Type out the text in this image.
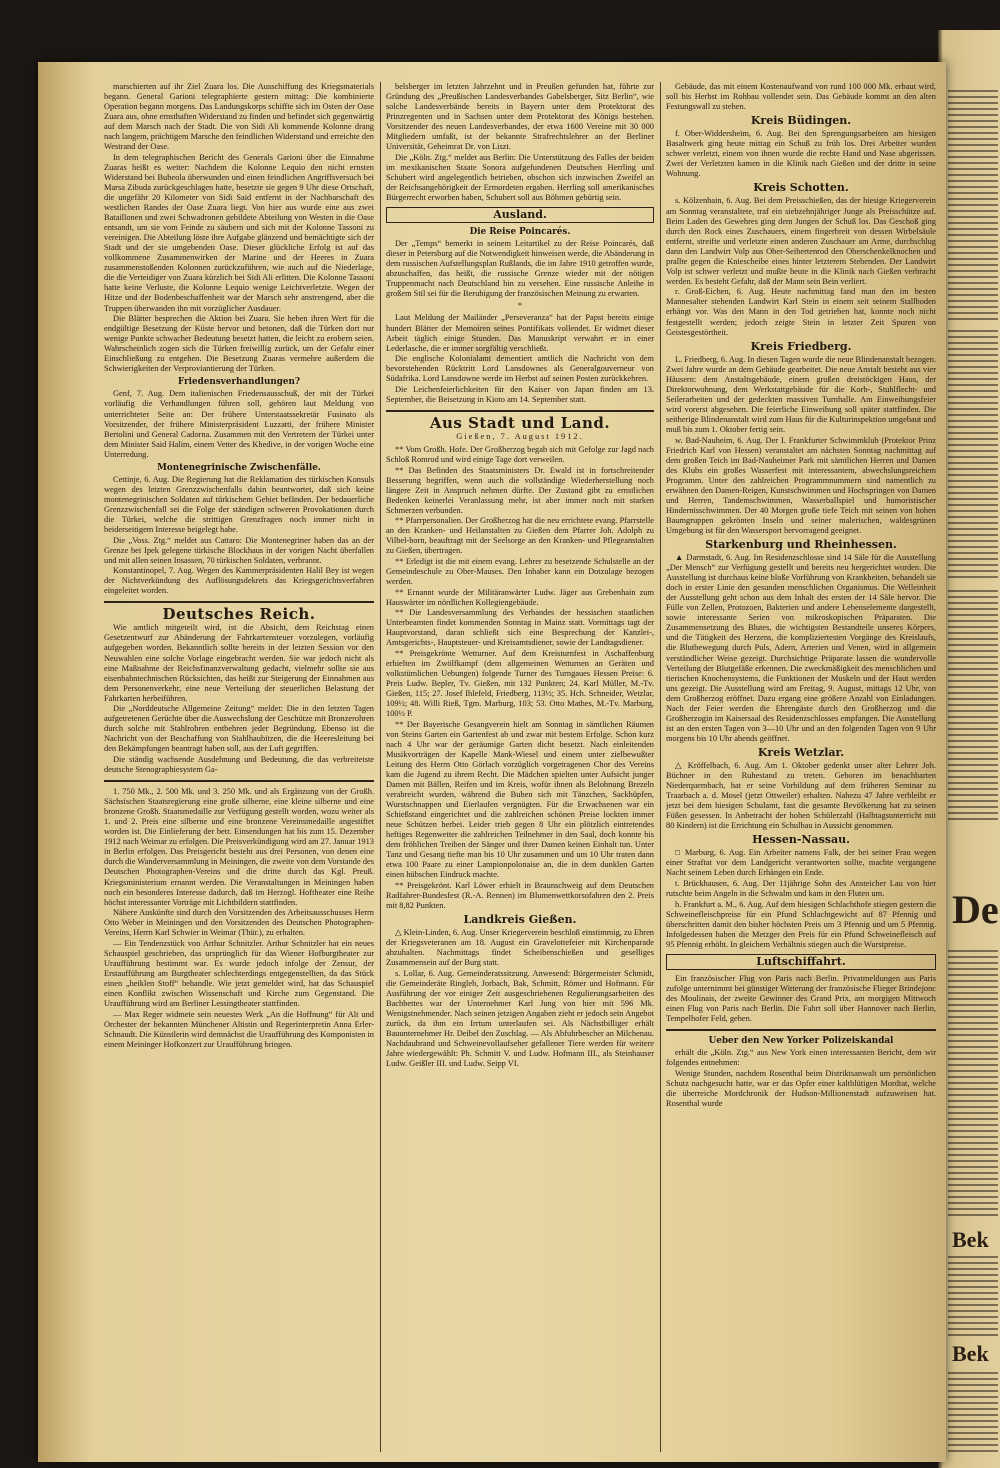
De
Bek
Bek

marschierten auf ihr Ziel Zuara los. Die Ausschiffung des Kriegsmaterials begann. General Garioni telegraphierte gestern mittag: Die kombinierte Operation begann morgens. Das Landungskorps schiffte sich im Osten der Oase Zuara aus, ohne ernsthaften Widerstand zu finden und befindet sich gegenwärtig auf dem Marsch nach der Stadt. Die von Sidi Ali kommende Kolonne drang nach langem, prächtigem Marsche den feindlichen Widerstand und erreichte den Westrand der Oase.

In dem telegraphischen Bericht des Generals Garioni über die Einnahme Zuaras heißt es weiter: Nachdem die Kolonne Lequio den nicht ernsten Widerstand bei Bubeola überwunden und einen feindlichen Angriffsversuch bei Marsa Zibuda zurückgeschlagen hatte, besetzte sie gegen 9 Uhr diese Ortschaft, die ungefähr 20 Kilometer von Sidi Said entfernt in der Nachbarschaft des westlichen Randes der Oase Zuara liegt. Von hier aus wurde eine aus zwei Bataillonen und zwei Schwadronen gebildete Abteilung von Westen in die Oase entsandt, um sie vom Feinde zu säubern und sich mit der Kolonne Tassoni zu vereinigen. Die Abteilung löste ihre Aufgabe glänzend und bemächtigte sich der Stadt und der sie umgebenden Oase. Dieser glückliche Erfolg ist auf das vollkommene Zusammenwirken der Marine und der Heeres in Zuara zusammenstoßenden Kolonnen zurückzuführen, wie auch auf die Niederlage, die die Verteidiger von Zuara kürzlich bei Sidi Ali erlitten. Die Kolonne Tassoni hatte keine Verluste, die Kolonne Lequio wenige Leichtverletzte. Wegen der Hitze und der Bodenbeschaffenheit war der Marsch sehr anstrengend, aber die Truppen überwanden ihn mit vorzüglicher Ausdauer.

Die Blätter besprechen die Aktion bei Zuara. Sie heben ihren Wert für die endgültige Besetzung der Küste hervor und betonen, daß die Türken dort nur wenige Punkte schwacher Bedeutung besetzt hatten, die leicht zu erobern seien. Wahrscheinlich zogen sich die Türken freiwillig zurück, um der Gefahr einer Einschließung zu entgehen. Die Besetzung Zuaras vermehre außerdem die Schwierigkeiten der Verproviantierung der Türken.

Friedensverhandlungen?

Genf, 7. Aug. Dem italienischen Friedensausschuß, der mit der Türkei vorläufig die Verhandlungen führen soll, gehören laut Meldung von unterrichteter Seite an: Der frühere Unterstaatssekretär Fusinato als Vorsitzender, der frühere Ministerpräsident Luzzatti, der frühere Minister Bertolini und General Cadorna. Zusammen mit den Vertretern der Türkei unter dem Minister Said Halim, einem Vetter des Khedive, in der vorigen Woche eine Unterredung.

Montenegrinische Zwischenfälle.

Cettinje, 6. Aug. Die Regierung hat die Reklamation des türkischen Konsuls wegen des letzten Grenzzwischenfalls dahin beantwortet, daß sich keine montenegrinischen Soldaten auf türkischem Gebiet befänden. Der bedauerliche Grenzzwischenfall sei die Folge der ständigen schweren Provokationen durch die Türkei, welche die strittigen Grenzfragen noch immer nicht in beiderseitigem Interesse beigelegt habe.

Die „Voss. Ztg.“ meldet aus Cattaro: Die Montenegriner haben das an der Grenze bei Ipek gelegene türkische Blockhaus in der vorigen Nacht überfallen und mit allen seinen Insassen, 70 türkischen Soldaten, verbrannt.

Konstantinopel, 7. Aug. Wegen des Kammerpräsidenten Halil Bey ist wegen der Nichtverkündung des Auflösungsdekrets das Kriegsgerichtsverfahren eingeleitet worden.

Deutsches Reich.

Wie amtlich mitgeteilt wird, ist die Absicht, dem Reichstag einen Gesetzentwurf zur Abänderung der Fahrkartensteuer vorzulegen, vorläufig aufgegeben worden. Bekanntlich sollte bereits in der letzten Session vor den Neuwahlen eine solche Vorlage eingebracht werden. Sie war jedoch nicht als eine Maßnahme der Reichsfinanzverwaltung gedacht, vielmehr sollte sie aus eisenbahntechnischen Rücksichten, das heißt zur Steigerung der Einnahmen aus dem Personenverkehr, eine neue Verteilung der steuerlichen Belastung der Fahrkarten herbeiführen.

Die „Norddeutsche Allgemeine Zeitung“ meldet: Die in den letzten Tagen aufgetretenen Gerüchte über die Auswechslung der Geschütze mit Bronzerohren durch solche mit Stahlrohren entbehren jeder Begründung. Ebenso ist die Nachricht von der Beschaffung von Stahlhaubitzen, die die Heeresleitung bei den Bekämpfungen beantragt haben soll, aus der Luft gegriffen.

Die ständig wachsende Ausdehnung und Bedeutung, die das verbreitetste deutsche Stenographiesystem Ga-

1. 750 Mk., 2. 500 Mk. und 3. 250 Mk. und als Ergänzung von der Großh. Sächsischen Staatsregierung eine große silberne, eine kleine silberne und eine bronzene Großh. Staatsmedaille zur Verfügung gestellt worden, wozu weiter als 1. und 2. Preis eine silberne und eine bronzene Vereinsmedaille angestiftet worden ist. Die Einlieferung der betr. Einsendungen hat bis zum 15. Dezember 1912 nach Weimar zu erfolgen. Die Preisverkündigung wird am 27. Januar 1913 in Berlin erfolgen. Das Preisgericht besteht aus drei Personen, von denen eine durch die Wanderversammlung in Meiningen, die zweite von dem Vorstande des Deutschen Photographen-Vereins und die dritte durch das Kgl. Preuß. Kriegsministerium ernannt werden. Die Veranstaltungen in Meiningen haben noch ein besonderes Interesse dadurch, daß im Herzogl. Hoftheater eine Reihe höchst interessanter Vorträge mit Lichtbildern stattfinden.

Nähere Auskünfte sind durch den Vorsitzenden des Arbeitsausschusses Herrn Otto Weber in Meiningen und den Vorsitzenden des Deutschen Photographen-Vereins, Herrn Karl Schwier in Weimar (Thür.), zu erhalten.

— Ein Tendenzstück von Arthur Schnitzler. Arthur Schnitzler hat ein neues Schauspiel geschrieben, das ursprünglich für das Wiener Hofburgtheater zur Uraufführung bestimmt war. Es wurde jedoch infolge der Zensur, der Erstaufführung am Burgtheater schlechterdings entgegenstellten, da das Stück einen „heiklen Stoff“ behandle. Wie jetzt gemeldet wird, hat das Schauspiel einen Konflikt zwischen Wissenschaft und Kirche zum Gegenstand. Die Uraufführung wird am Berliner Lessingtheater stattfinden.

— Max Reger widmete sein neuestes Werk „An die Hoffnung“ für Alt und Orchester der bekannten Münchener Altistin und Regerinterpretin Anna Erler-Schnaudt. Die Künstlerin wird demnächst die Uraufführung des Komponisten in einem Meininger Hofkonzert zur Uraufführung bringen.

belsberger im letzten Jahrzehnt und in Preußen gefunden hat, führte zur Gründung des „Preußischen Landesverbandes Gabelsberger, Sitz Berlin“, wie solche Landesverbände bereits in Bayern unter dem Protektorat des Prinzregenten und in Sachsen unter dem Protektorat des Königs bestehen. Vorsitzender des neuen Landesverbandes, der etwa 1600 Vereine mit 30 000 Mitgliedern umfaßt, ist der bekannte Strafrechtslehrer an der Berliner Universität, Geheimrat Dr. von Liszt.

Die „Köln. Ztg.“ meldet aus Berlin: Die Unterstützung des Falles der beiden im mexikanischen Staate Sonora aufgefundenen Deutschen Herrling und Schubert wird angelegentlich betrieben, obschon sich inzwischen Zweifel an der Reichsangehörigkeit der Ermordeten ergaben. Herrling soll amerikanisches Bürgerrecht erworben haben, Schubert soll aus Böhmen gebürtig sein.

Ausland.
Die Reise Poincarés.

Der „Temps“ bemerkt in seinem Leitartikel zu der Reise Poincarés, daß dieser in Petersburg auf die Notwendigkeit hinweisen werde, die Abänderung in dem russischen Aufstellungsplan Rußlands, die im Jahre 1910 getroffen wurde, abzuschaffen, das heißt, die russische Grenze wieder mit der nötigen Truppenmacht nach Deutschland hin zu versehen. Eine russische Anleihe in großem Stil sei für die Beruhigung der französischen Meinung zu erwarten.

*

Laut Meldung der Mailänder „Perseveranza“ hat der Papst bereits einige hundert Blätter der Memoiren seines Pontifikats vollendet. Er widmet dieser Arbeit täglich einige Stunden. Das Manuskript verwahrt er in einer Lederlasche, die er immer sorgfältig verschließt.

Die englische Kolonialamt dementiert amtlich die Nachricht von dem bevorstehenden Rücktritt Lord Lansdownes als Generalgouverneur von Südafrika. Lord Lansdowne werde im Herbst auf seinen Posten zurückkehren.

Die Leichenfeierlichkeiten für den Kaiser von Japan finden am 13. September, die Beisetzung in Kioto am 14. September statt.

Aus Stadt und Land.
Gießen, 7. August 1912.

** Vom Großh. Hofe. Der Großherzog begab sich mit Gefolge zur Jagd nach Schloß Romrod und wird einige Tage dort verweilen.

** Das Befinden des Staatsministers Dr. Ewald ist in fortschreitender Besserung begriffen, wenn auch die vollständige Wiederherstellung noch längere Zeit in Anspruch nehmen dürfte. Der Zustand gibt zu ernstlichen Bedenken keinerlei Veranlassung mehr, ist aber immer noch mit starken Schmerzen verbunden.

** Pfarrpersonalien. Der Großherzog hat die neu errichtete evang. Pfarrstelle an den Kranken- und Heilanstalten zu Gießen dem Pfarrer Joh. Adolph zu Vilbel-born, beauftragt mit der Seelsorge an den Kranken- und Pflegeanstalten zu Gießen, übertragen.

** Erledigt ist die mit einem evang. Lehrer zu besetzende Schulstelle an der Gemeindeschule zu Ober-Mauses. Den Inhaber kann ein Dotzulage bezogen werden.

** Ernannt wurde der Militäranwärter Ludw. Jäger aus Grebenhain zum Hauswärter im nördlichen Kollegiengebäude.

** Die Landesversammlung des Verbandes der hessischen staatlichen Unterbeamten findet kommenden Sonntag in Mainz statt. Vormittags tagt der Hauptvorstand, daran schließt sich eine Besprechung der Kanzlei-, Amtsgerichts-, Hauptsteuer- und Kreisamtsdiener, sowie der Landtagsdiener.

** Preisgekrönte Wetturner. Auf dem Kreisturnfest in Aschaffenburg erhielten im Zwölfkampf (dem allgemeinen Wetturnen an Geräten und volkstümlichen Uebungen) folgende Turner des Turngaues Hessen Preise: 6. Preis Ludw. Bepler, Tv. Gießen, mit 132 Punkten; 24. Karl Müller, M.-Tv. Gießen, 115; 27. Josef Ihlefeld, Friedberg, 113½; 35. Hch. Schneider, Wetzlar, 109½; 48. Willi Rieß, Tgm. Marburg, 103; 53. Otto Mathes, M.-Tv. Marburg, 100½ P.

** Der Bayerische Gesangverein hielt am Sonntag in sämtlichen Räumen von Steins Garten ein Gartenfest ab und zwar mit bestem Erfolge. Schon kurz nach 4 Uhr war der geräumige Garten dicht besetzt. Nach einleitenden Musikvorträgen der Kapelle Mank-Wiesel und einem unter zielbewußter Leitung des Herrn Otto Görlach vorzüglich vorgetragenen Chor des Vereins kam die Jugend zu ihrem Recht. Die Mädchen spielten unter Aufsicht junger Damen mit Bällen, Reifen und im Kreis, wofür ihnen als Belohnung Brezeln verabreicht wurden, während die Buben sich mit Tänzchen, Sackhüpfen, Wurstschnappen und Eierlaufen vergnügten. Für die Erwachsenen war ein Schießstand eingerichtet und die zahlreichen schönen Preise lockten immer neue Schützen herbei. Leider trieb gegen 8 Uhr ein plötzlich eintretendes heftiges Regenwetter die zahlreichen Teilnehmer in den Saal, doch konnte bis dem fröhlichen Treiben der Sänger und ihrer Damen keinen Einhalt tun. Unter Tanz und Gesang tiefte man bis 10 Uhr zusammen und um 10 Uhr traten dann etwa 100 Paare zu einer Lampionpolonaise an, die in dem dunklen Garten einen hübschen Eindruck machte.

** Preisgekrönt. Karl Löwer erhielt in Braunschweig auf dem Deutschen Radfahrer-Bundesfest (R.-A. Rennen) im Blumenwettkorsofahren den 2. Preis mit 8,82 Punkten.

Landkreis Gießen.

△ Klein-Linden, 6. Aug. Unser Kriegerverein beschloß einstimmig, zu Ehren der Kriegsveteranen am 18. August ein Gravelottefeier mit Kirchenparade abzuhalten. Nachmittags findet Scheibenschießen und geselliges Zusammensein auf der Burg statt.

s. Lollar, 6. Aug. Gemeinderatssitzung. Anwesend: Bürgermeister Schmidt, die Gemeinderäte Ringleb, Jorbach, Bak, Schmitt, Römer und Hofmann. Für Ausführung der vor einiger Zeit ausgeschriebenen Regulierungsarbeiten des Bachbettes war der Unternehmer Karl Jung von hier mit 596 Mk. Wenigstnehmender. Nach seinen jetzigen Angaben zieht er jedoch sein Angebot zurück, da ihm ein Irrtum unterlaufen sei. Als Nächstbilliger erhält Bauunternehmer Hr. Deibel den Zuschlag. — Als Abfuhrbescher an Milchenau. Nachdaubrand und Schweinevollaufseher gefallener Tiere werden für weitere Jahre wiedergewählt: Ph. Schmitt V. und Ludw. Hofmann III., als Steinhauser Ludw. Geißler III. und Ludw. Seipp VI.

Gebäude, das mit einem Kostenaufwand von rund 100 000 Mk. erbaut wird, soll bis Herbst im Rohbau vollendet sein. Das Gebäude kommt an den alten Festungswall zu stehen.

Kreis Büdingen.

f. Ober-Widdersheim, 6. Aug. Bei den Sprengungsarbeiten am hiesigen Basaltwerk ging heute mittag ein Schuß zu früh los. Drei Arbeiter wurden schwer verletzt, einem von ihnen wurde die rechte Hand und Nase abgerissen. Zwei der Verletzten kamen in die Klinik nach Gießen und der dritte in seine Wohnung.

Kreis Schotten.

s. Kölzenhain, 6. Aug. Bei dem Preisschießen, das der hiesige Kriegerverein am Sonntag veranstaltete, traf ein siebzehnjähriger Junge als Preisschütze auf. Beim Laden des Gewehres ging dem Jungen der Schuß los. Das Geschoß ging durch den Rock eines Zuschauers, einem fingerbreit von dessen Wirbelsäule entfernt, streifte und verletzte einen anderen Zuschauer am Arme, durchschlug dann den Landwirt Volp aus Ober-Seibertenrod den Oberschenkelknochen und prallte gegen die Kniescheibe eines hinter letzterem Stehenden. Der Landwirt Volp ist schwer verletzt und mußte heute in die Klinik nach Gießen verbracht werden. Es besteht Gefahr, daß der Mann sein Bein verliert.

r. Groß-Eichen, 6. Aug. Heute nachmittag fand man den im besten Mannesalter stehenden Landwirt Karl Stein in einem seit seinem Stallboden erhängt vor. Was den Mann in den Tod getrieben hat, konnte noch nicht festgestellt werden; jedoch zeigte Stein in letzter Zeit Spuren von Geistesgestörtheit.

Kreis Friedberg.

L. Friedberg, 6. Aug. In diesen Tagen wurde die neue Blindenanstalt bezogen. Zwei Jahre wurde an dem Gebäude gearbeitet. Die neue Anstalt besteht aus vier Häusern: dem Anstaltsgebäude, einem großen dreistöckigen Haus, der Direktorwohnung, dem Werkstattgebäude für die Korb-, Stuhlflecht- und Seilerarbeiten und der gedeckten massiven Turnhalle. Am Einweihungsfeier wird vorerst abgesehen. Die feierliche Einweihung soll später stattfinden. Die seitherige Blindenanstalt wird zum Haus für die Kulturinspektion umgebaut und muß bis zum 1. Oktober fertig sein.

w. Bad-Nauheim, 6. Aug. Der I. Frankfurter Schwimmklub (Protektor Prinz Friedrich Karl von Hessen) veranstaltet am nächsten Sonntag nachmittag auf dem großen Teich im Bad-Nauheimer Park mit sämtlichen Herren und Damen des Klubs ein großes Wasserfest mit interessantem, abwechslungsreichem Programm. Unter den zahlreichen Programmnummern sind namentlich zu erwähnen den Damen-Reigen, Kunstschwimmen und Hochspringen von Damen und Herren, Tandemschwimmen, Wasserballspiel und humoristischer Hindernisschwimmen. Der 40 Morgen große tiefe Teich mit seinen von hohen Baumgruppen gekrönten Inseln und seiner malerischen, waldesgrünen Umgebung ist für den Wassersport hervorragend geeignet.

Starkenburg und Rheinhessen.

▲ Darmstadt, 6. Aug. Im Residenzschlosse sind 14 Säle für die Ausstellung „Der Mensch“ zur Verfügung gestellt und bereits neu hergerichtet worden. Die Ausstellung ist durchaus keine bloße Vorführung von Krankheiten, behandelt sie doch in erster Linie den gesunden menschlichen Organismus. Die Welleinheit der Ausstellung geht schon aus dem Inhalt des ersten der 14 Säle hervor. Die Fülle von Zellen, Protozoen, Bakterien und andere Lebenselemente dargestellt, sowie interessante Serien von mikroskopischen Präparaten. Die Zusammensetzung des Blutes, die wichtigsten Bestandteile unseres Körpers, und die Tätigkeit des Herzens, die kompliziertesten Vorgänge des Kreislaufs, die Blutbewegung durch Puls, Adern, Arterien und Venen, wird in allgemein verständlicher Weise gezeigt. Durchsichtige Präparate lassen die wundervolle Verteilung der Blutgefäße erkennen. Die zweckmäßigkeit des menschlichen und tierischen Knochensystems, die Funktionen der Muskeln und der Haut werden uns gezeigt. Die Ausstellung wird am Freitag, 9. August, mittags 12 Uhr, von dem Großherzog eröffnet. Dazu ergang eine größere Anzahl von Einladungen. Nach der Feier werden die Ehrengäste durch den Großherzog und die Großherzogin im Kaisersaal des Residenzschlosses empfangen. Die Ausstellung ist an den ersten Tagen von 3—10 Uhr und an den folgenden Tagen von 9 Uhr morgens bis 10 Uhr abends geöffnet.

Kreis Wetzlar.

△ Kröffelbach, 6. Aug. Am 1. Oktober gedenkt unser alter Lehrer Joh. Büchner in den Ruhestand zu treten. Geboren im benachbarten Niederquembach, hat er seine Vorbildung auf dem früheren Seminar zu Traarbach a. d. Mosel (jetzt Ottweiler) erhalten. Nahezu 47 Jahre verbleibt er jetzt bei dem hiesigen Schulamt, fast die gesamte Bevölkerung hat zu seinen Füßen gesessen. In Anbetracht der hohen Schülerzahl (Halbtagsunterricht mit 80 Kindern) ist die Errichtung ein Schulbau in Aussicht genommen.

Hessen-Nassau.

□ Marburg, 6. Aug. Ein Arbeiter namens Falk, der bei seiner Frau wegen einer Straftat vor dem Landgericht verantworten sollte, machte vergangene Nacht seinem Leben durch Erhängen ein Ende.

t. Brückhausen, 6. Aug. Der 11jährige Sohn des Ansteicher Lau von hier rutschte beim Angeln in die Schwalm und kam in den Fluten um.

h. Frankfurt a. M., 6. Aug. Auf dem hiesigen Schlachthofe stiegen gestern die Schweinefleischpreise für ein Pfund Schlachtgewicht auf 87 Pfennig und überschritten damit den bisher höchsten Preis um 3 Pfennig und um 5 Pfennig. Infolgedessen haben die Metzger den Preis für ein Pfund Schweinefleisch auf 95 Pfennig erhöht. In gleichem Verhältnis stiegen auch die Wurstpreise.

Luftschiffahrt.

Ein französischer Flug von Paris nach Berlin. Privatmeldungen aus Paris zufolge unternimmt bei günstiger Witterung der französische Flieger Brindejonc des Moulinais, der zweite Gewinner des Grand Prix, am morgigen Mittwoch einen Flug von Paris nach Berlin. Die Fahrt soll über Hannover nach Berlin, Tempelhofer Feld, gehen.

Ueber den New Yorker Polizeiskandal

erhält die „Köln. Ztg.“ aus New York einen interessanten Bericht, dem wir folgendes entnehmen:

Wenige Stunden, nachdem Rosenthal beim Distriktsanwalt um persönlichen Schutz nachgesucht hatte, war er das Opfer einer kaltblütigen Mordtat, welche die überreiche Mordchronik der Hudson-Millionenstadt aufzuweisen hat. Rosenthal wurde
